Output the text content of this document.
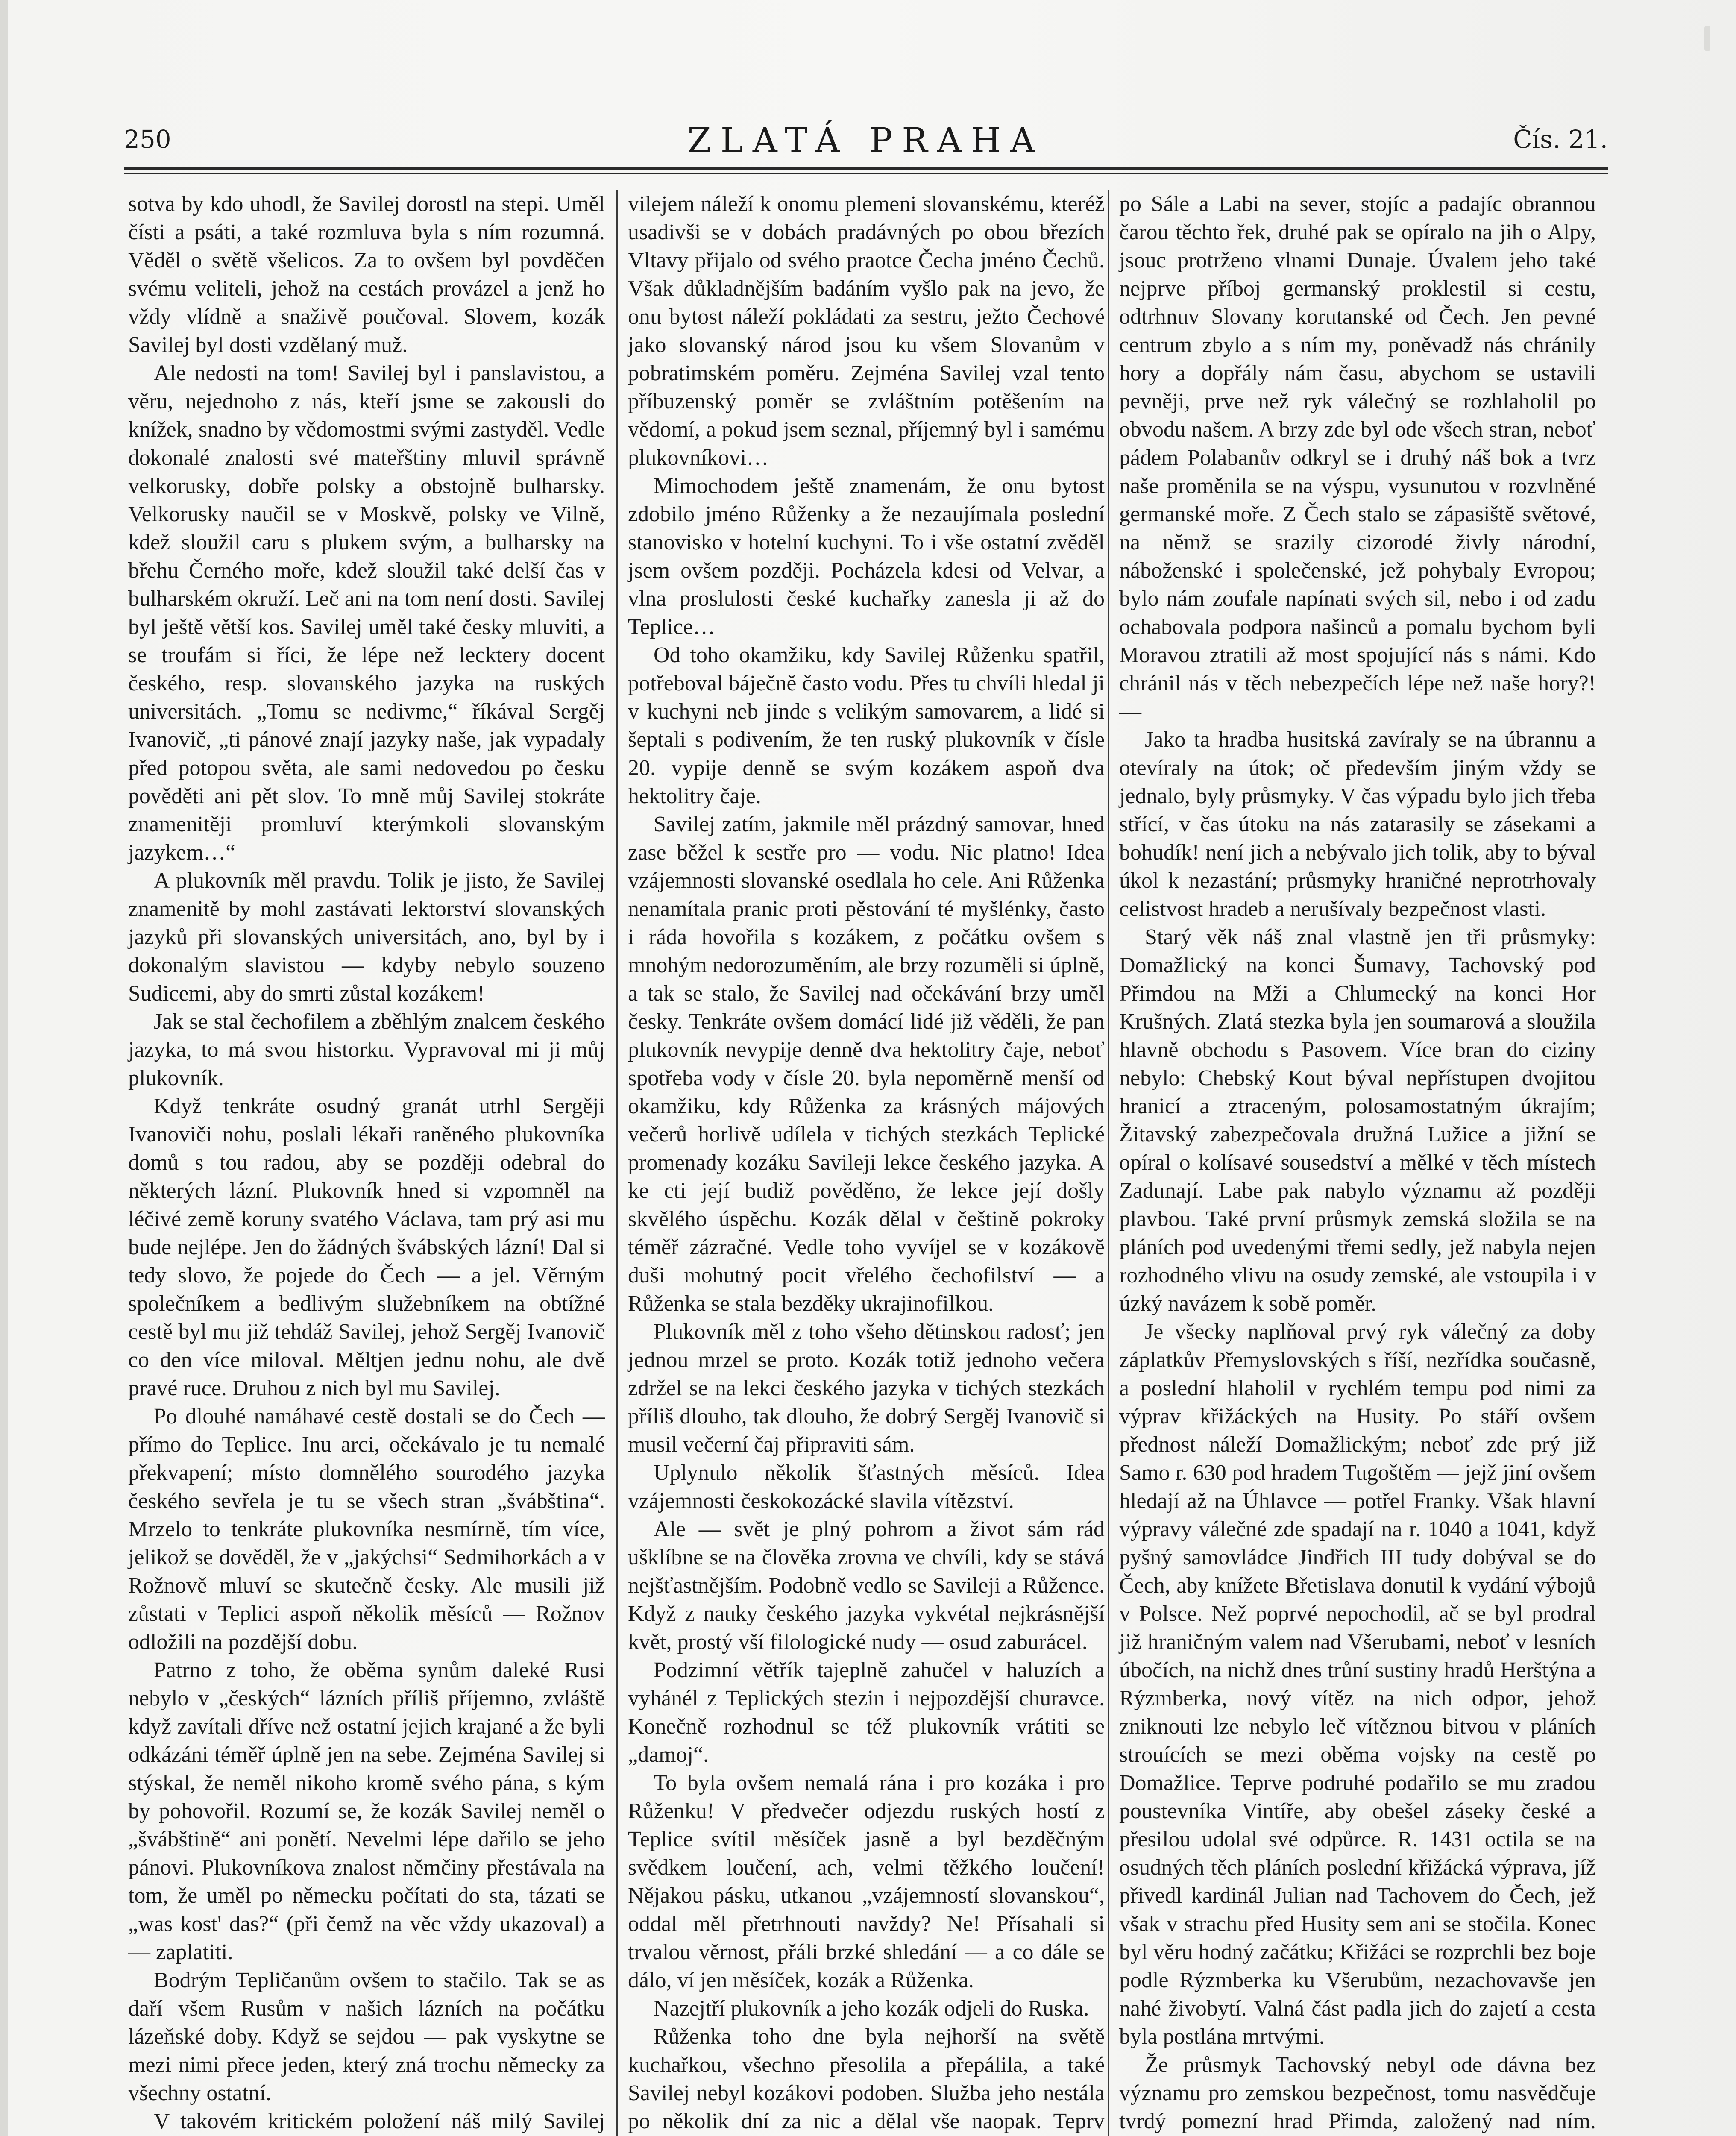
250	ZLATÁ PRAHA	Čís. 21.

sotva by kdo uhodl, že Savilej dorostl na stepi. Uměl čísti a psáti, a také rozmluva byla s ním rozumná. Věděl o světě všelicos. Za to ovšem byl povděčen svému veliteli, jehož na cestách provázel a jenž ho vždy vlídně a snaživě poučoval. Slovem, kozák Savilej byl dosti vzdělaný muž.

Ale nedosti na tom! Savilej byl i panslavistou, a věru, nejednoho z nás, kteří jsme se zakousli do knížek, snadno by vědomostmi svými zastyděl. Vedle dokonalé znalosti své mateřštiny mluvil správně velkorusky, dobře polsky a obstojně bulharsky. Velkorusky naučil se v Moskvě, polsky ve Vilně, kdež sloužil caru s plukem svým, a bulharsky na břehu Černého moře, kdež sloužil také delší čas v bulharském okruží. Leč ani na tom není dosti. Savilej byl ještě větší kos. Savilej uměl také česky mluviti, a se troufám si říci, že lépe než lecktery docent českého, resp. slovanského jazyka na ruských universitách. „Tomu se nedivme,“ říkával Sergěj Ivanovič, „ti pánové znají jazyky naše, jak vypadaly před potopou světa, ale sami nedovedou po česku pověděti ani pět slov. To mně můj Savilej stokráte znamenitěji promluví kterýmkoli slovanským jazykem…“

A plukovník měl pravdu. Tolik je jisto, že Savilej znamenitě by mohl zastávati lektorství slovanských jazyků při slovanských universitách, ano, byl by i dokonalým slavistou — kdyby nebylo souzeno Sudicemi, aby do smrti zůstal kozákem!

Jak se stal čechofilem a zběhlým znalcem českého jazyka, to má svou historku. Vypravoval mi ji můj plukovník.

Když tenkráte osudný granát utrhl Sergěji Ivanoviči nohu, poslali lékaři raněného plukovníka domů s tou radou, aby se později odebral do některých lázní. Plukovník hned si vzpomněl na léčivé země koruny svatého Václava, tam prý asi mu bude nejlépe. Jen do žádných švábských lázní! Dal si tedy slovo, že pojede do Čech — a jel. Věrným společníkem a bedlivým služebníkem na obtížné cestě byl mu již tehdáž Savilej, jehož Sergěj Ivanovič co den více miloval. Měltjen jednu nohu, ale dvě pravé ruce. Druhou z nich byl mu Savilej.

Po dlouhé namáhavé cestě dostali se do Čech — přímo do Teplice. Inu arci, očekávalo je tu nemalé překvapení; místo domnělého sourodého jazyka českého sevřela je tu se všech stran „švábština“. Mrzelo to tenkráte plukovníka nesmírně, tím více, jelikož se dověděl, že v „jakýchsi“ Sedmihorkách a v Rožnově mluví se skutečně česky. Ale musili již zůstati v Teplici aspoň několik měsíců — Rožnov odložili na pozdější dobu.

Patrno z toho, že oběma synům daleké Rusi nebylo v „českých“ lázních příliš příjemno, zvláště když zavítali dříve než ostatní jejich krajané a že byli odkázáni téměř úplně jen na sebe. Zejména Savilej si stýskal, že neměl nikoho kromě svého pána, s kým by pohovořil. Rozumí se, že kozák Savilej neměl o „švábštině“ ani ponětí. Nevelmi lépe dařilo se jeho pánovi. Plukovníkova znalost němčiny přestávala na tom, že uměl po německu počítati do sta, tázati se „was kost' das?“ (při čemž na věc vždy ukazoval) a — zaplatiti.

Bodrým Tepličanům ovšem to stačilo. Tak se as daří všem Rusům v našich lázních na počátku lázeňské doby. Když se sejdou — pak vyskytne se mezi nimi přece jeden, který zná trochu německy za všechny ostatní.

V takovém kritickém položení náš milý Savilej

vilejem náleží k onomu plemeni slovanskému, kteréž usadivši se v dobách pradávných po obou březích Vltavy přijalo od svého praotce Čecha jméno Čechů. Však důkladnějším badáním vyšlo pak na jevo, že onu bytost náleží pokládati za sestru, ježto Čechové jako slovanský národ jsou ku všem Slovanům v pobratimském poměru. Zejména Savilej vzal tento příbuzenský poměr se zvláštním potěšením na vědomí, a pokud jsem seznal, příjemný byl i samému plukovníkovi…

Mimochodem ještě znamenám, že onu bytost zdobilo jméno Růženky a že nezaujímala poslední stanovisko v hotelní kuchyni. To i vše ostatní zvěděl jsem ovšem později. Pocházela kdesi od Velvar, a vlna proslulosti české kuchařky zanesla ji až do Teplice…

Od toho okamžiku, kdy Savilej Růženku spatřil, potřeboval báječně často vodu. Přes tu chvíli hledal ji v kuchyni neb jinde s velikým samovarem, a lidé si šeptali s podivením, že ten ruský plukovník v čísle 20. vypije denně se svým kozákem aspoň dva hektolitry čaje.

Savilej zatím, jakmile měl prázdný samovar, hned zase běžel k sestře pro — vodu. Nic platno! Idea vzájemnosti slovanské osedlala ho cele. Ani Růženka nenamítala pranic proti pěstování té myšlénky, často i ráda hovořila s kozákem, z počátku ovšem s mnohým nedorozuměním, ale brzy rozuměli si úplně, a tak se stalo, že Savilej nad očekávání brzy uměl česky. Tenkráte ovšem domácí lidé již věděli, že pan plukovník nevypije denně dva hektolitry čaje, neboť spotřeba vody v čísle 20. byla nepoměrně menší od okamžiku, kdy Růženka za krásných májových večerů horlivě udílela v tichých stezkách Teplické promenady kozáku Savileji lekce českého jazyka. A ke cti její budiž pověděno, že lekce její došly skvělého úspěchu. Kozák dělal v češtině pokroky téměř zázračné. Vedle toho vyvíjel se v kozákově duši mohutný pocit vřelého čechofilství — a Růženka se stala bezděky ukrajinofilkou.

Plukovník měl z toho všeho dětinskou radosť; jen jednou mrzel se proto. Kozák totiž jednoho večera zdržel se na lekci českého jazyka v tichých stezkách příliš dlouho, tak dlouho, že dobrý Sergěj Ivanovič si musil večerní čaj připraviti sám.

Uplynulo několik šťastných měsíců. Idea vzájemnosti českokozácké slavila vítězství.

Ale — svět je plný pohrom a život sám rád ušklíbne se na člověka zrovna ve chvíli, kdy se stává nejšťastnějším. Podobně vedlo se Savileji a Růžence. Když z nauky českého jazyka vykvétal nejkrásnější květ, prostý vší filologické nudy — osud zaburácel.

Podzimní větřík tajeplně zahučel v haluzích a vyhánél z Teplických stezin i nejpozdější churavce. Konečně rozhodnul se též plukovník vrátiti se „damoj“.

To byla ovšem nemalá rána i pro kozáka i pro Růženku! V předvečer odjezdu ruských hostí z Teplice svítil měsíček jasně a byl bezděčným svědkem loučení, ach, velmi těžkého loučení! Nějakou pásku, utkanou „vzájemností slovanskou“, oddal měl přetrhnouti navždy? Ne! Přísahali si trvalou věrnost, přáli brzké shledání — a co dále se dálo, ví jen měsíček, kozák a Růženka.

Nazejtří plukovník a jeho kozák odjeli do Ruska.

Růženka toho dne byla nejhorší na světě kuchařkou, všechno přesolila a přepálila, a také Savilej nebyl kozákovi podoben. Služba jeho nestála po několik dní za nic a dělal vše naopak. Teprv

po Sále a Labi na sever, stojíc a padajíc obrannou čarou těchto řek, druhé pak se opíralo na jih o Alpy, jsouc protrženo vlnami Dunaje. Úvalem jeho také nejprve příboj germanský proklestil si cestu, odtrhnuv Slovany korutanské od Čech. Jen pevné centrum zbylo a s ním my, poněvadž nás chránily hory a dopřály nám času, abychom se ustavili pevněji, prve než ryk válečný se rozhlaholil po obvodu našem. A brzy zde byl ode všech stran, neboť pádem Polabanův odkryl se i druhý náš bok a tvrz naše proměnila se na výspu, vysunutou v rozvlněné germanské moře. Z Čech stalo se zápasiště světové, na němž se srazily cizorodé živly národní, náboženské i společenské, jež pohybaly Evropou; bylo nám zoufale napínati svých sil, nebo i od zadu ochabovala podpora našinců a pomalu bychom byli Moravou ztratili až most spojující nás s námi. Kdo chránil nás v těch nebezpečích lépe než naše hory?! —

Jako ta hradba husitská zavíraly se na úbrannu a otevíraly na útok; oč především jiným vždy se jednalo, byly průsmyky. V čas výpadu bylo jich třeba střící, v čas útoku na nás zatarasily se zásekami a bohudík! není jich a nebývalo jich tolik, aby to býval úkol k nezastání; průsmyky hraničné neprotrhovaly celistvost hradeb a nerušívaly bezpečnost vlasti.

Starý věk náš znal vlastně jen tři průsmyky: Domažlický na konci Šumavy, Tachovský pod Přimdou na Mži a Chlumecký na konci Hor Krušných. Zlatá stezka byla jen soumarová a sloužila hlavně obchodu s Pasovem. Více bran do ciziny nebylo: Chebský Kout býval nepřístupen dvojitou hranicí a ztraceným, polosamostatným úkrajím; Žitavský zabezpečovala družná Lužice a jižní se opíral o kolísavé sousedství a mělké v těch místech Zadunají. Labe pak nabylo významu až později plavbou. Také první průsmyk zemská složila se na pláních pod uvedenými třemi sedly, jež nabyla nejen rozhodného vlivu na osudy zemské, ale vstoupila i v úzký navázem k sobě poměr.

Je všecky naplňoval prvý ryk válečný za doby záplatkův Přemyslovských s říší, nezřídka současně, a poslední hlaholil v rychlém tempu pod nimi za výprav křižáckých na Husity. Po stáří ovšem přednost náleží Domažlickým; neboť zde prý již Samo r. 630 pod hradem Tugoštěm — jejž jiní ovšem hledají až na Úhlavce — potřel Franky. Však hlavní výpravy válečné zde spadají na r. 1040 a 1041, když pyšný samovládce Jindřich III tudy dobýval se do Čech, aby knížete Břetislava donutil k vydání výbojů v Polsce. Než poprvé nepochodil, ač se byl prodral již hraničným valem nad Všerubami, neboť v lesních úbočích, na nichž dnes trůní sustiny hradů Herštýna a Rýzmberka, nový vítěz na nich odpor, jehož zniknouti lze nebylo leč vítěznou bitvou v pláních strouících se mezi oběma vojsky na cestě po Domažlice. Teprve podruhé podařilo se mu zradou poustevníka Vintíře, aby obešel záseky české a přesilou udolal své odpůrce. R. 1431 octila se na osudných těch pláních poslední křižácká výprava, jíž přivedl kardinál Julian nad Tachovem do Čech, jež však v strachu před Husity sem ani se stočila. Konec byl věru hodný začátku; Křižáci se rozprchli bez boje podle Rýzmberka ku Všerubům, nezachovavše jen nahé živobytí. Valná část padla jich do zajetí a cesta byla postlána mrtvými.

Že průsmyk Tachovský nebyl ode dávna bez významu pro zemskou bezpečnost, tomu nasvědčuje tvrdý pomezní hrad Přimda, založený nad ním.
